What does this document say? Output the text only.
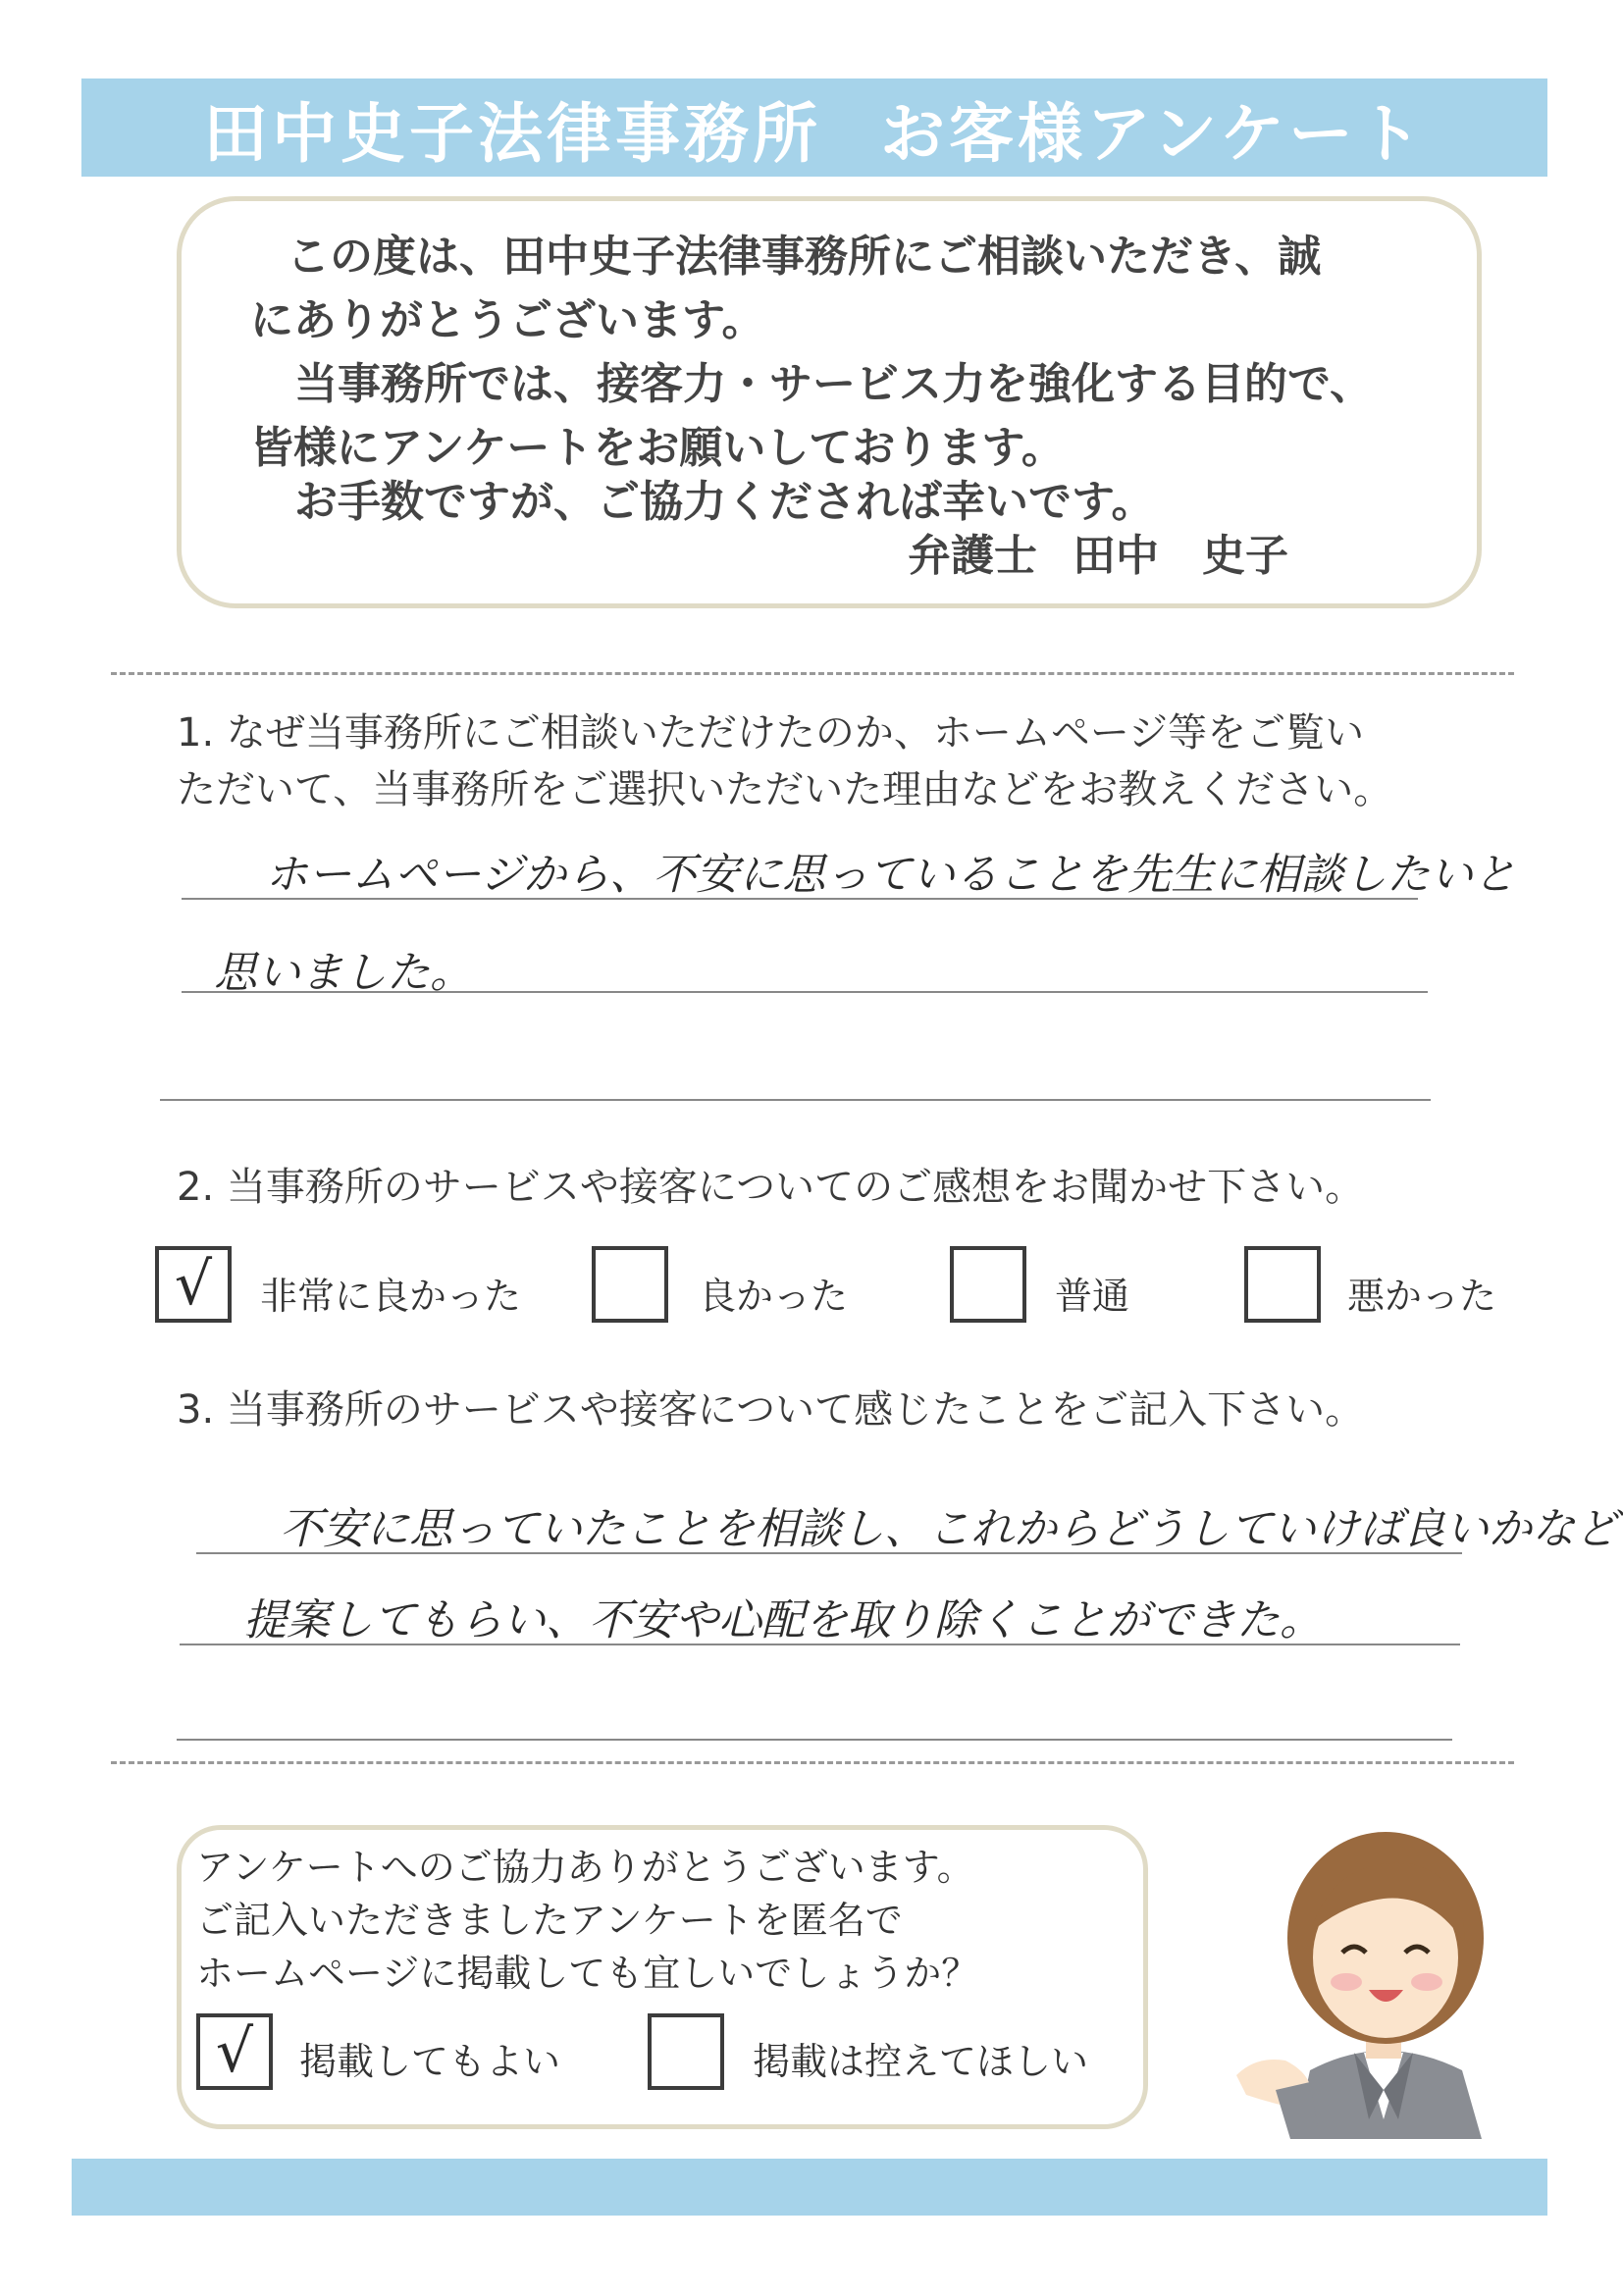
田中史子法律事務所 お客様アンケート
この度は、田中史子法律事務所にご相談いただき、誠
にありがとうございます。
当事務所では、接客力・サービス力を強化する目的で、
皆様にアンケートをお願いしております。
お手数ですが、ご協力くだされば幸いです。
弁護士 田中　史子
1. なぜ当事務所にご相談いただけたのか、ホームページ等をご覧い
ただいて、当事務所をご選択いただいた理由などをお教えください。
ホームページから、不安に思っていることを先生に相談したいと
思いました。
2. 当事務所のサービスや接客についてのご感想をお聞かせ下さい。
√ 非常に良かった	良かった	普通	悪かった
3. 当事務所のサービスや接客について感じたことをご記入下さい。
不安に思っていたことを相談し、これからどうしていけば良いかなど
提案してもらい、不安や心配を取り除くことができた。
アンケートへのご協力ありがとうございます。
ご記入いただきましたアンケートを匿名で
ホームページに掲載しても宜しいでしょうか？
√ 掲載してもよい	掲載は控えてほしい
